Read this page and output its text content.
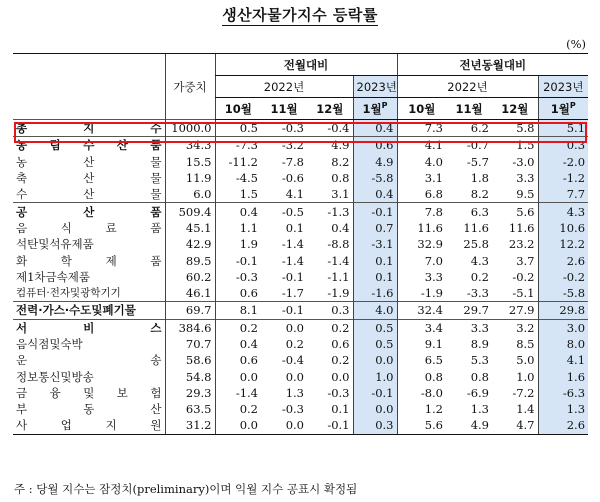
생산자물가지수 등락률
(%)
	가중치	전월대비				전년동월대비			
		2022년			2023년	2022년			2023년
		10월	11월	12월	1월$^P$	10월	11월	12월	1월$^P$

총 지 수	1000.0	0.5	-0.3	-0.4	0.4	7.3	6.2	5.8	5.1

농 림 수 산 품	34.3	-7.3	-3.2	4.9	0.6	4.1	-0.7	1.5	0.3

농 산 물	15.5	-11.2	-7.8	8.2	4.9	4.0	-5.7	-3.0	-2.0

축 산 물	11.9	-4.5	-0.6	0.8	-5.8	3.1	1.8	3.3	-1.2

수 산 물	6.0	1.5	4.1	3.1	0.4	6.8	8.2	9.5	7.7

공 산 품	509.4	0.4	-0.5	-1.3	-0.1	7.8	6.3	5.6	4.3

음 식 료 품	45.1	1.1	0.1	0.4	0.7	11.6	11.6	11.6	10.6

석탄및석유제품	42.9	1.9	-1.4	-8.8	-3.1	32.9	25.8	23.2	12.2

화 학 제 품	89.5	-0.1	-1.4	-1.4	0.1	7.0	4.3	3.7	2.6

제1차금속제품	60.2	-0.3	-0.1	-1.1	0.1	3.3	0.2	-0.2	-0.2

컴퓨터·전자및광학기기	46.1	0.6	-1.7	-1.9	-1.6	-1.9	-3.3	-5.1	-5.8

전력·가스·수도및폐기물	69.7	8.1	-0.1	0.3	4.0	32.4	29.7	27.9	29.8

서 비 스	384.6	0.2	0.0	0.2	0.5	3.4	3.3	3.2	3.0

음식점및숙박	70.7	0.4	0.2	0.6	0.5	9.1	8.9	8.5	8.0

운 송	58.6	0.6	-0.4	0.2	0.0	6.5	5.3	5.0	4.1

정보통신및방송	54.8	0.0	0.0	0.0	1.0	0.8	0.8	1.0	1.6

금 융 및 보 험	29.3	-1.4	1.3	-0.3	-0.1	-8.0	-6.9	-7.2	-6.3

부 동 산	63.5	0.2	-0.3	0.1	0.0	1.2	1.3	1.4	1.3

사 업 지 원	31.2	0.0	0.0	-0.1	0.3	5.6	4.9	4.7	2.6
주 : 당월 지수는 잠정치(preliminary)이며 익월 지수 공표시 확정됨
